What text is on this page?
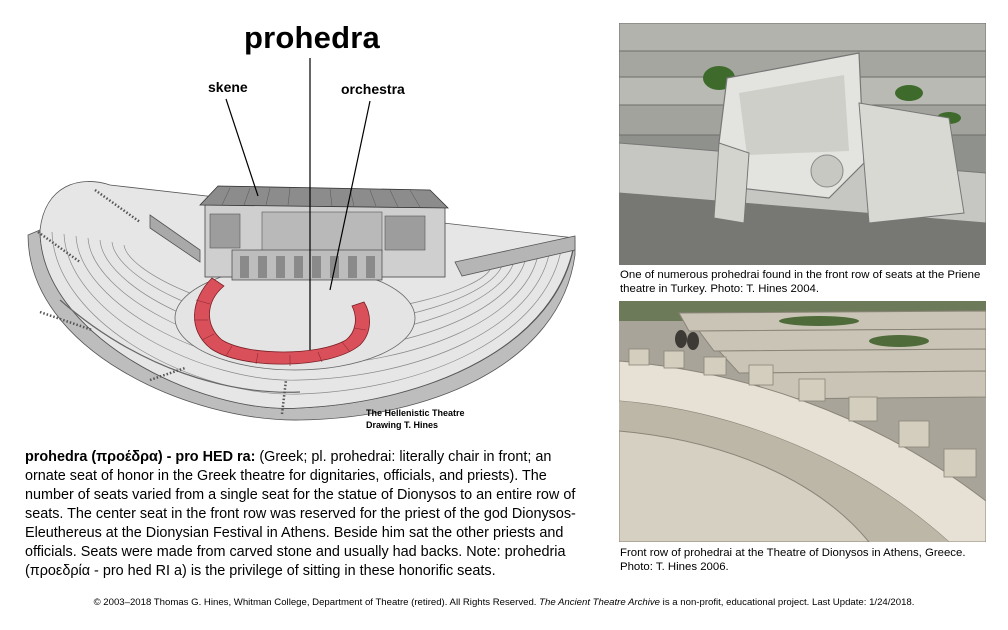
prohedra
skene	orchestra
The Hellenistic Theatre
Drawing T. Hines
prohedra (προέδρα) - pro HED ra: (Greek; pl. prohedrai: literally chair in front; an ornate seat of honor in the Greek theatre for dignitaries, officials, and priests). The number of seats varied from a single seat for the statue of Dionysos to an entire row of seats. The center seat in the front row was reserved for the priest of the god Dionysos-Eleuthereus at the Dionysian Festival in Athens. Beside him sat the other priests and officials. Seats were made from carved stone and usually had backs. Note: prohedria (προεδρία - pro hed RI a) is the privilege of sitting in these honorific seats.
One of numerous prohedrai found in the front row of seats at the Priene theatre in Turkey. Photo: T. Hines 2004.
Front row of prohedrai at the Theatre of Dionysos in Athens, Greece. Photo: T. Hines 2006.
© 2003–2018 Thomas G. Hines, Whitman College, Department of Theatre (retired). All Rights Reserved. The Ancient Theatre Archive is a non-profit, educational project. Last Update: 1/24/2018.
